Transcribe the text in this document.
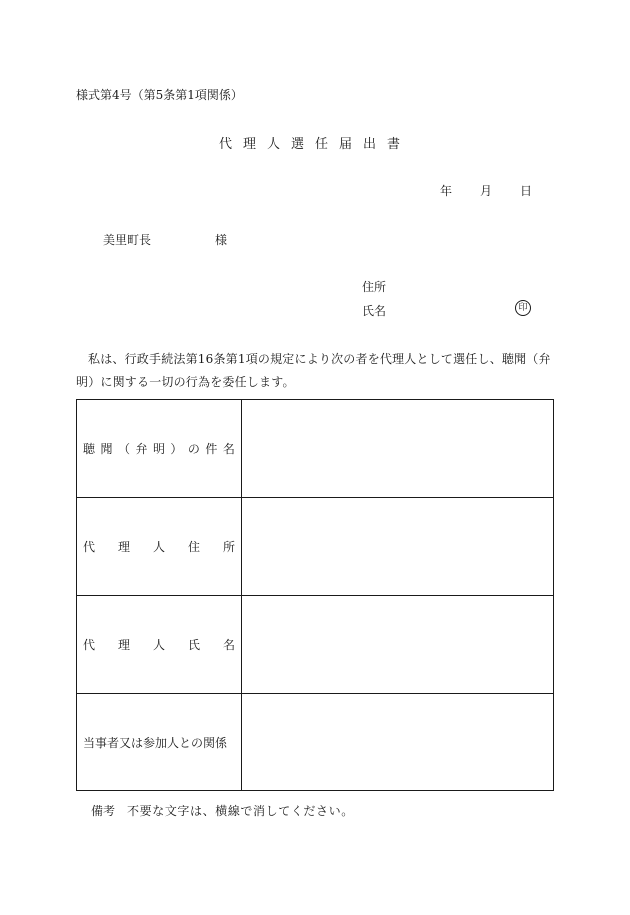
様式第4号（第5条第1項関係）
代理人選任届出書
年 月 日
美里町長	様
住所
氏名	印
私は、行政手続法第16条第1項の規定により次の者を代理人として選任し、聴聞（弁明）に関する一切の行為を委任します。
聴 聞 （ 弁 明 ） の 件 名
代 理 人 住 所
代 理 人 氏 名
当事者又は参加人との関係
備考 不要な文字は、横線で消してください。
